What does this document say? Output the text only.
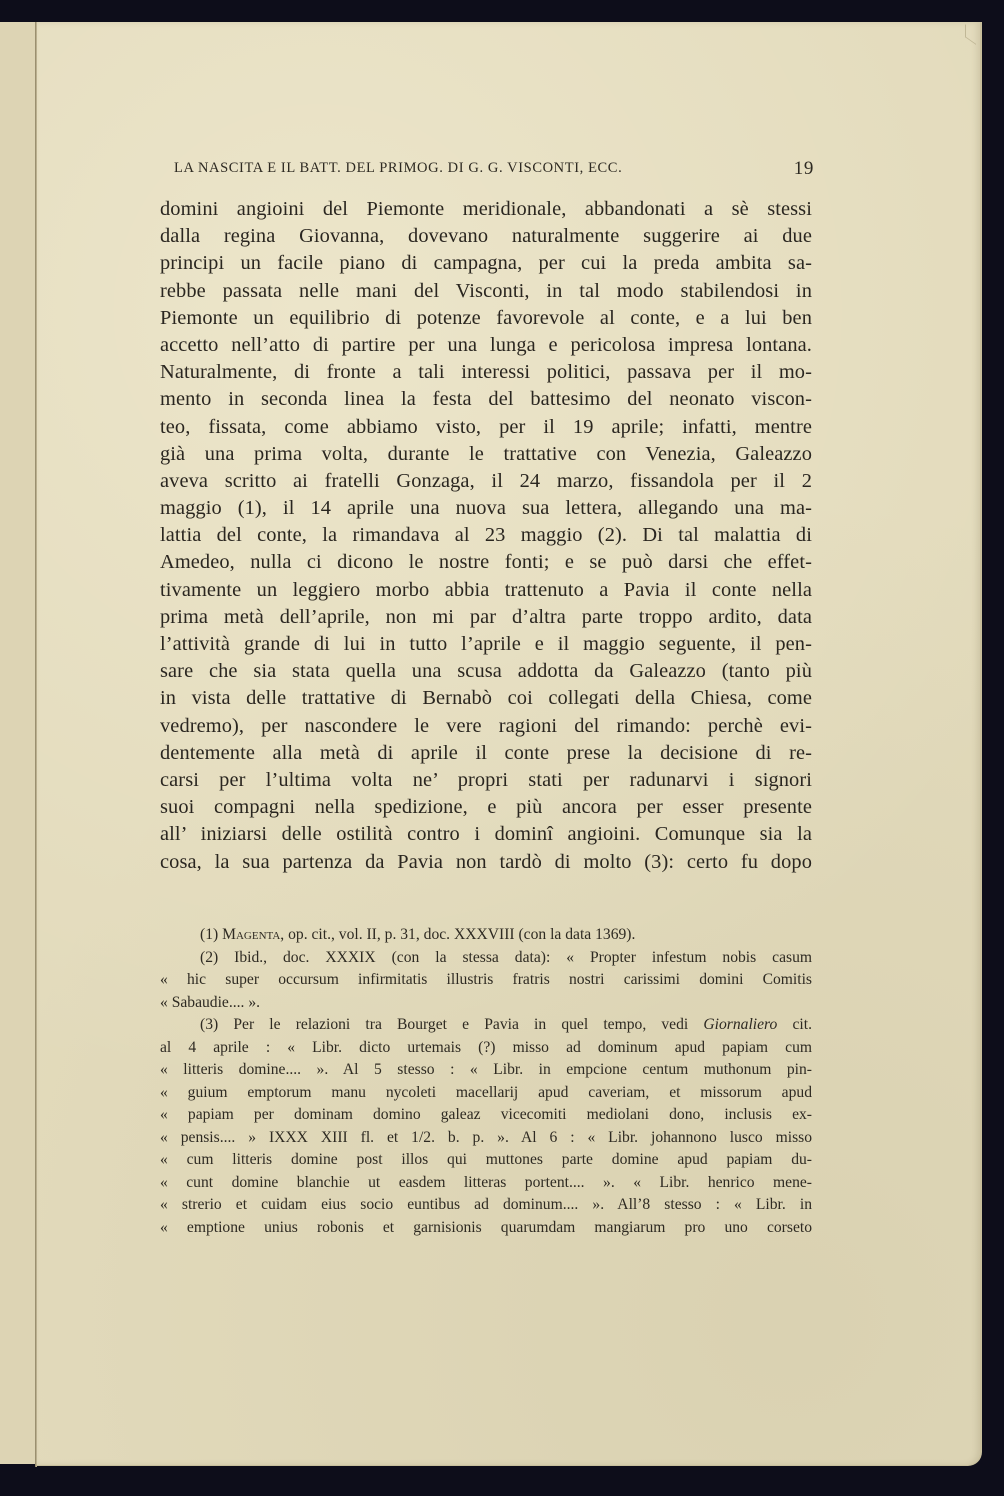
LA NASCITA E IL BATT. DEL PRIMOG. DI G. G. VISCONTI, ECC.	19
domini angioini del Piemonte meridionale, abbandonati a sè stessi
dalla regina Giovanna, dovevano naturalmente suggerire ai due
principi un facile piano di campagna, per cui la preda ambita sa-
rebbe passata nelle mani del Visconti, in tal modo stabilendosi in
Piemonte un equilibrio di potenze favorevole al conte, e a lui ben
accetto nell’atto di partire per una lunga e pericolosa impresa lontana.
Naturalmente, di fronte a tali interessi politici, passava per il mo-
mento in seconda linea la festa del battesimo del neonato viscon-
teo, fissata, come abbiamo visto, per il 19 aprile; infatti, mentre
già una prima volta, durante le trattative con Venezia, Galeazzo
aveva scritto ai fratelli Gonzaga, il 24 marzo, fissandola per il 2
maggio (1), il 14 aprile una nuova sua lettera, allegando una ma-
lattia del conte, la rimandava al 23 maggio (2). Di tal malattia di
Amedeo, nulla ci dicono le nostre fonti; e se può darsi che effet-
tivamente un leggiero morbo abbia trattenuto a Pavia il conte nella
prima metà dell’aprile, non mi par d’altra parte troppo ardito, data
l’attività grande di lui in tutto l’aprile e il maggio seguente, il pen-
sare che sia stata quella una scusa addotta da Galeazzo (tanto più
in vista delle trattative di Bernabò coi collegati della Chiesa, come
vedremo), per nascondere le vere ragioni del rimando: perchè evi-
dentemente alla metà di aprile il conte prese la decisione di re-
carsi per l’ultima volta ne’ propri stati per radunarvi i signori
suoi compagni nella spedizione, e più ancora per esser presente
all’ iniziarsi delle ostilità contro i dominî angioini. Comunque sia la
cosa, la sua partenza da Pavia non tardò di molto (3): certo fu dopo
(1) Magenta, op. cit., vol. II, p. 31, doc. XXXVIII (con la data 1369).
(2) Ibid., doc. XXXIX (con la stessa data): « Propter infestum nobis casum
« hic super occursum infirmitatis illustris fratris nostri carissimi domini Comitis
« Sabaudie.... ».
(3) Per le relazioni tra Bourget e Pavia in quel tempo, vedi Giornaliero cit.
al 4 aprile : « Libr. dicto urtemais (?) misso ad dominum apud papiam cum
« litteris domine.... ». Al 5 stesso : « Libr. in empcione centum muthonum pin-
« guium emptorum manu nycoleti macellarij apud caveriam, et missorum apud
« papiam per dominam domino galeaz vicecomiti mediolani dono, inclusis ex-
« pensis.... » IXXX XIII fl. et 1/2. b. p. ». Al 6 : « Libr. johannono lusco misso
« cum litteris domine post illos qui muttones parte domine apud papiam du-
« cunt domine blanchie ut easdem litteras portent.... ». « Libr. henrico mene-
« strerio et cuidam eius socio euntibus ad dominum.... ». All’8 stesso : « Libr. in
« emptione unius robonis et garnisionis quarumdam mangiarum pro uno corseto
